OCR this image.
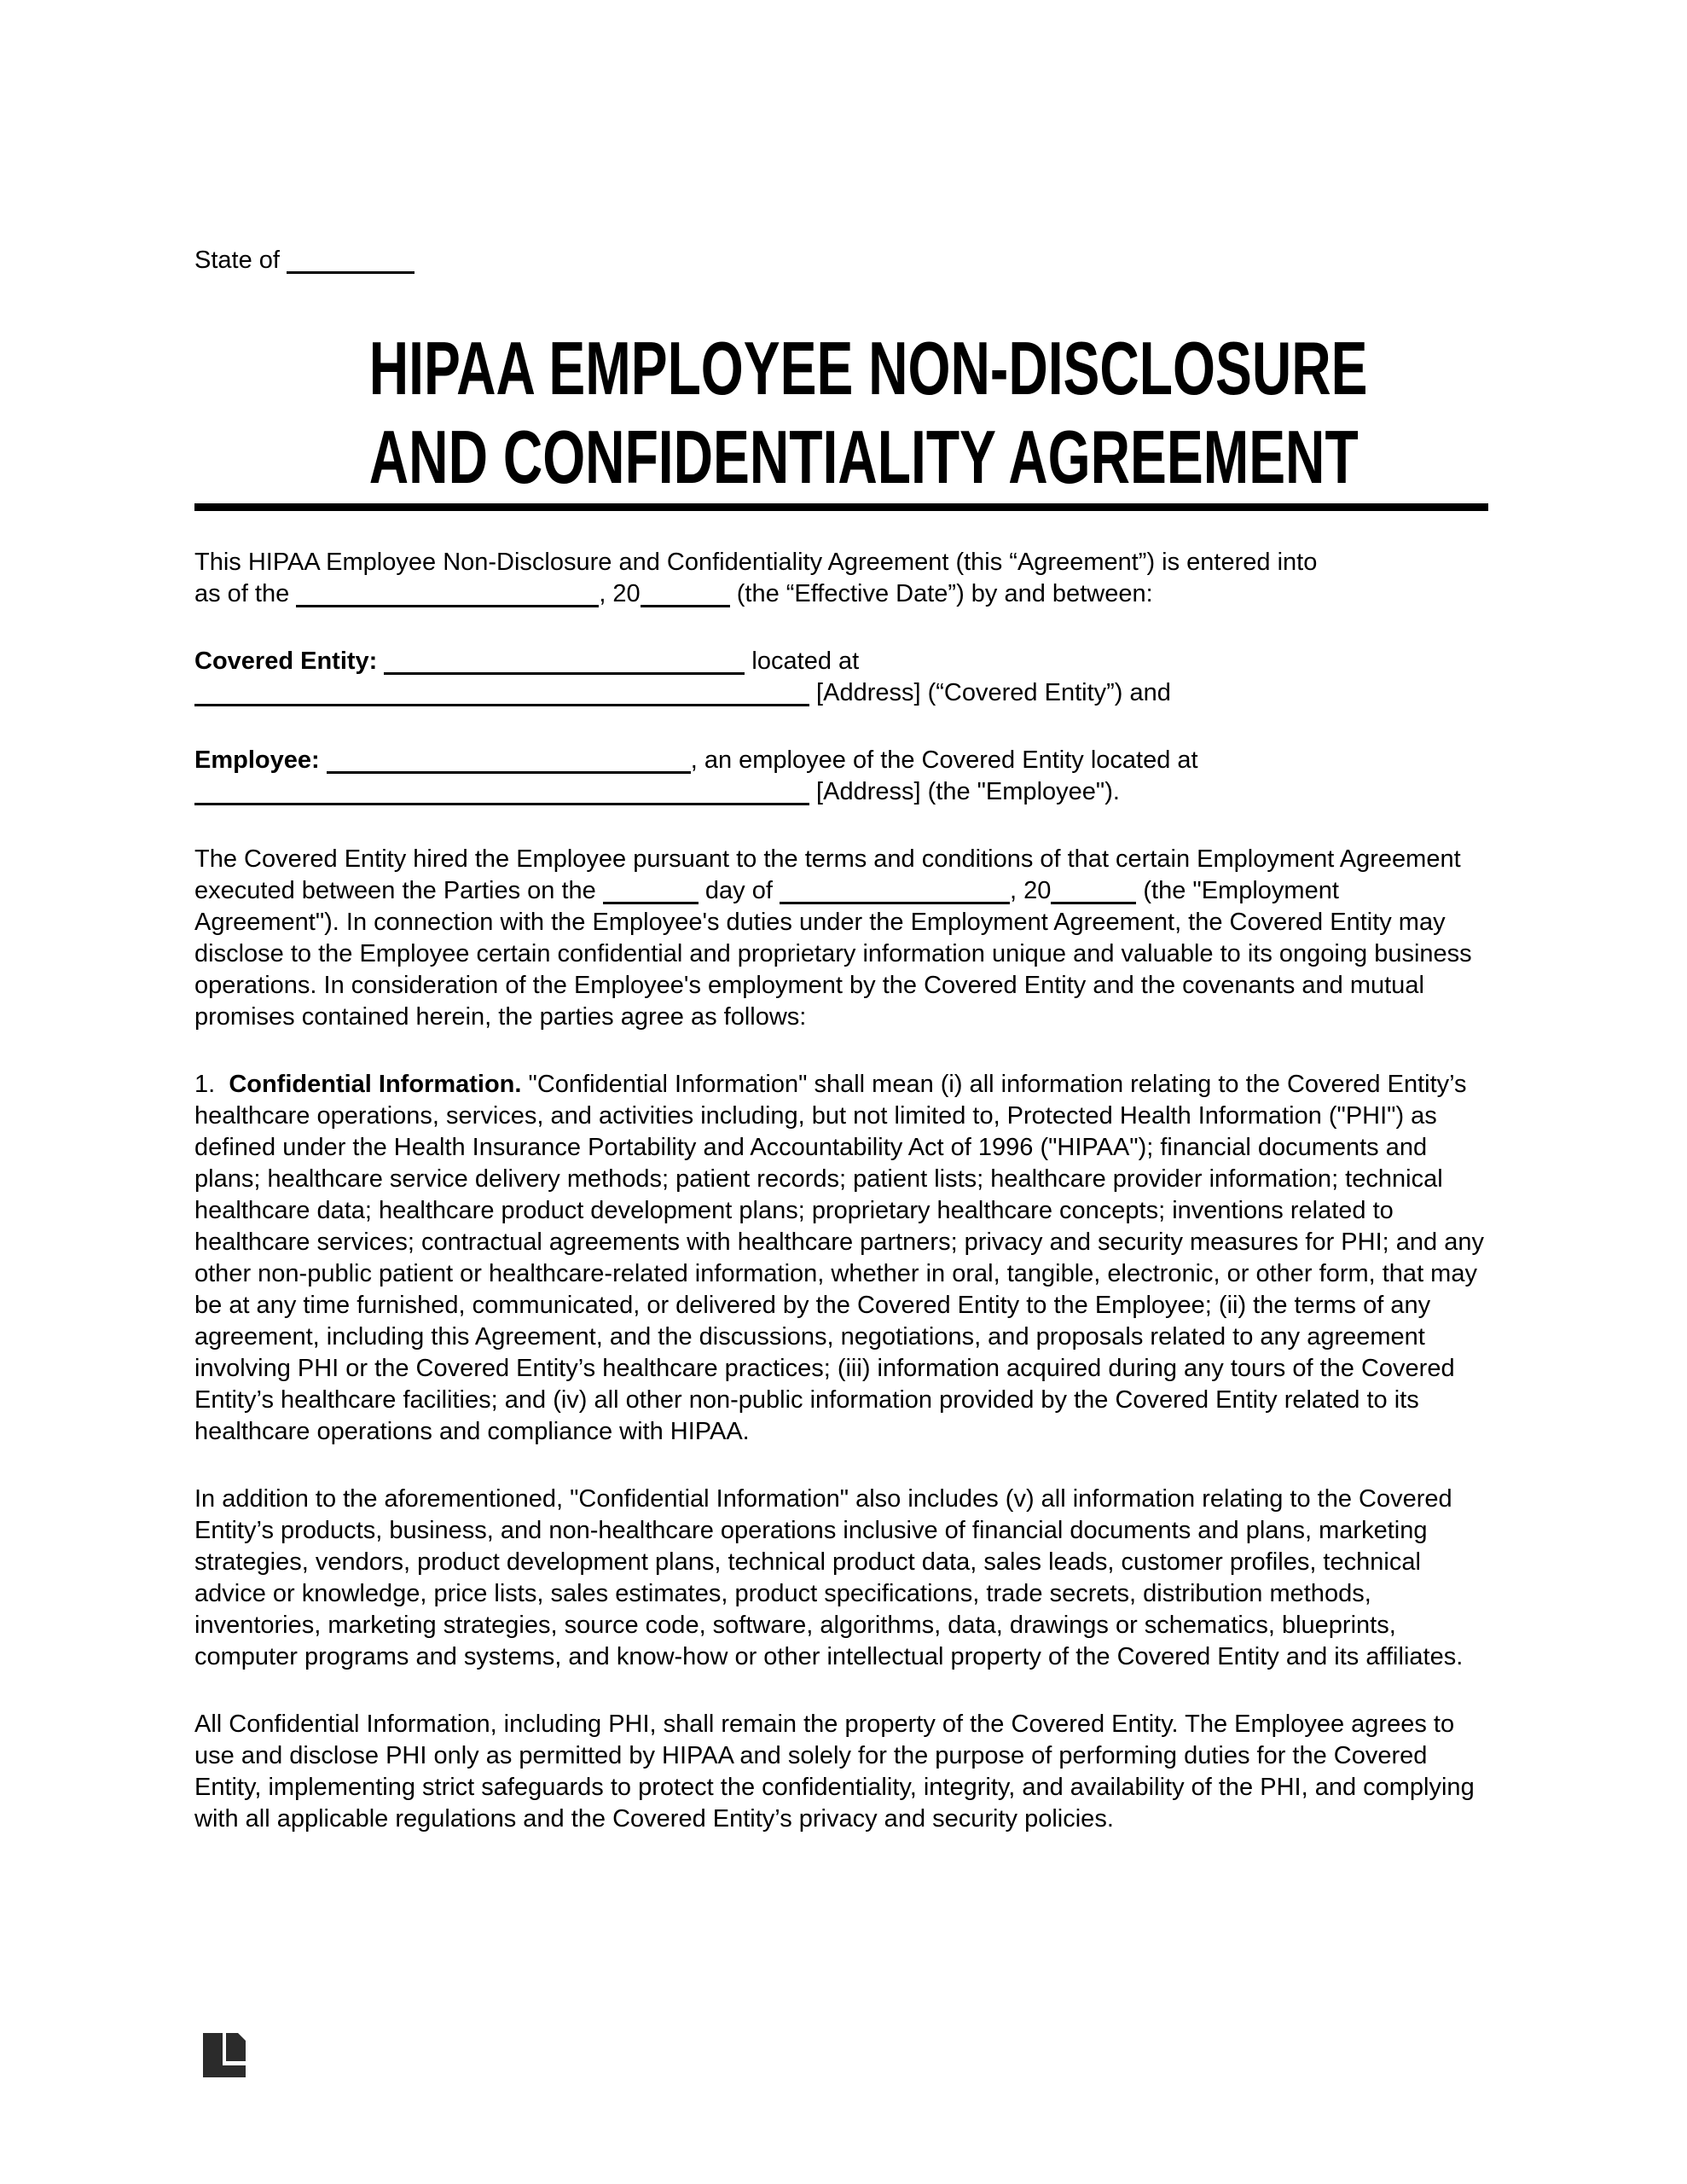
State of

HIPAA EMPLOYEE NON-DISCLOSURE
AND CONFIDENTIALITY AGREEMENT

This HIPAA Employee Non-Disclosure and Confidentiality Agreement (this “Agreement”) is entered into
as of the	, 20	(the “Effective Date”) by and between:

Covered Entity:	located at
[Address] (“Covered Entity”) and

Employee:	, an employee of the Covered Entity located at
[Address] (the "Employee").

The Covered Entity hired the Employee pursuant to the terms and conditions of that certain Employment Agreement executed between the Parties on the	day of	, 20	(the "Employment Agreement"). In connection with the Employee's duties under the Employment Agreement, the Covered Entity may disclose to the Employee certain confidential and proprietary information unique and valuable to its ongoing business operations. In consideration of the Employee's employment by the Covered Entity and the covenants and mutual promises contained herein, the parties agree as follows:

1.  Confidential Information. "Confidential Information" shall mean (i) all information relating to the Covered Entity’s healthcare operations, services, and activities including, but not limited to, Protected Health Information ("PHI") as defined under the Health Insurance Portability and Accountability Act of 1996 ("HIPAA"); financial documents and plans; healthcare service delivery methods; patient records; patient lists; healthcare provider information; technical healthcare data; healthcare product development plans; proprietary healthcare concepts; inventions related to healthcare services; contractual agreements with healthcare partners; privacy and security measures for PHI; and any other non-public patient or healthcare-related information, whether in oral, tangible, electronic, or other form, that may be at any time furnished, communicated, or delivered by the Covered Entity to the Employee; (ii) the terms of any agreement, including this Agreement, and the discussions, negotiations, and proposals related to any agreement involving PHI or the Covered Entity’s healthcare practices; (iii) information acquired during any tours of the Covered Entity’s healthcare facilities; and (iv) all other non-public information provided by the Covered Entity related to its healthcare operations and compliance with HIPAA.

In addition to the aforementioned, "Confidential Information" also includes (v) all information relating to the Covered Entity’s products, business, and non-healthcare operations inclusive of financial documents and plans, marketing strategies, vendors, product development plans, technical product data, sales leads, customer profiles, technical advice or knowledge, price lists, sales estimates, product specifications, trade secrets, distribution methods, inventories, marketing strategies, source code, software, algorithms, data, drawings or schematics, blueprints, computer programs and systems, and know-how or other intellectual property of the Covered Entity and its affiliates.

All Confidential Information, including PHI, shall remain the property of the Covered Entity. The Employee agrees to use and disclose PHI only as permitted by HIPAA and solely for the purpose of performing duties for the Covered Entity, implementing strict safeguards to protect the confidentiality, integrity, and availability of the PHI, and complying with all applicable regulations and the Covered Entity’s privacy and security policies.
